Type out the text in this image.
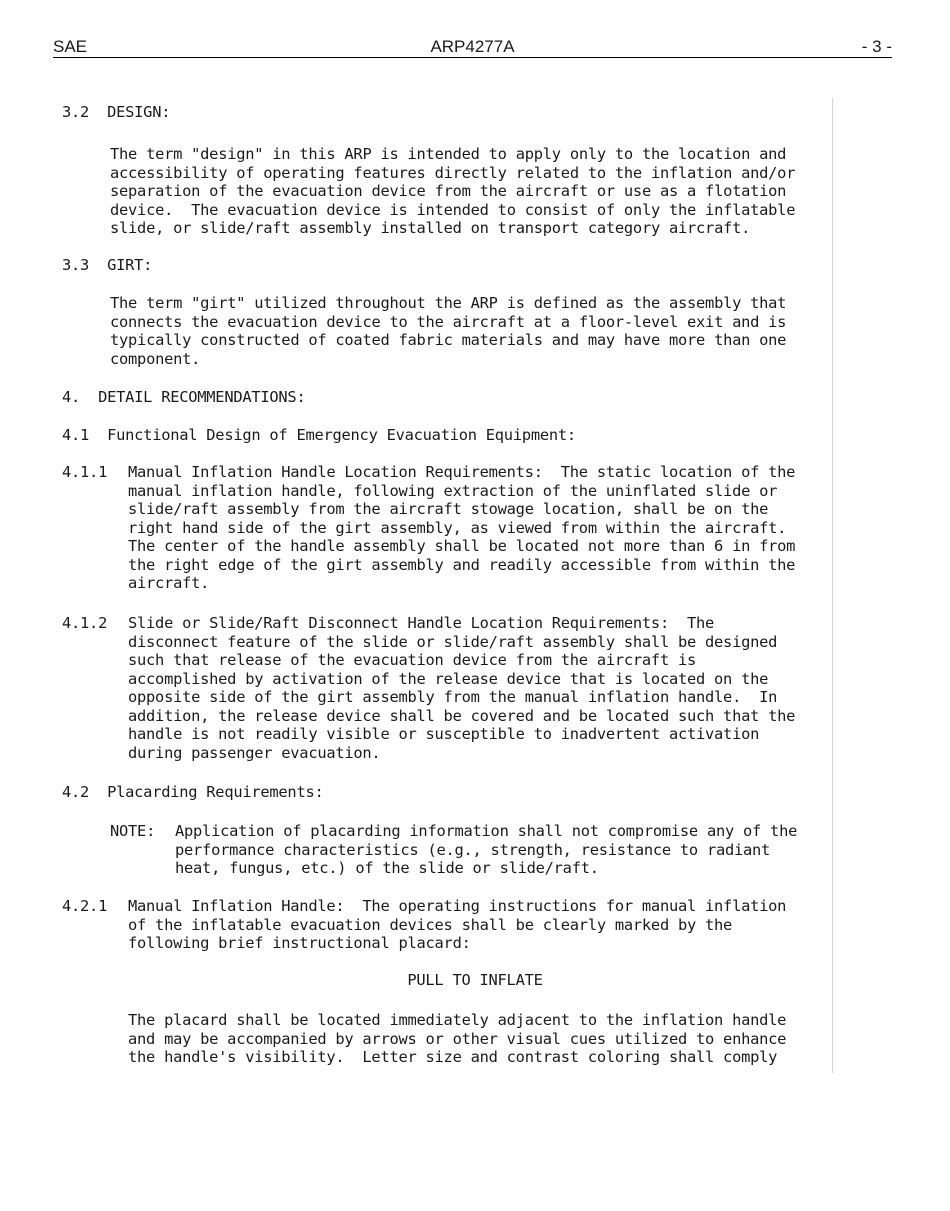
SAE	ARP4277A	- 3 -
3.2 DESIGN:
The term "design" in this ARP is intended to apply only to the location and
accessibility of operating features directly related to the inflation and/or
separation of the evacuation device from the aircraft or use as a flotation
device.  The evacuation device is intended to consist of only the inflatable
slide, or slide/raft assembly installed on transport category aircraft.
3.3 GIRT:
The term "girt" utilized throughout the ARP is defined as the assembly that
connects the evacuation device to the aircraft at a floor-level exit and is
typically constructed of coated fabric materials and may have more than one
component.
4. DETAIL RECOMMENDATIONS:
4.1 Functional Design of Emergency Evacuation Equipment:
4.1.1 Manual Inflation Handle Location Requirements:  The static location of the
manual inflation handle, following extraction of the uninflated slide or
slide/raft assembly from the aircraft stowage location, shall be on the
right hand side of the girt assembly, as viewed from within the aircraft.
The center of the handle assembly shall be located not more than 6 in from
the right edge of the girt assembly and readily accessible from within the
aircraft.
4.1.2 Slide or Slide/Raft Disconnect Handle Location Requirements:  The
disconnect feature of the slide or slide/raft assembly shall be designed
such that release of the evacuation device from the aircraft is
accomplished by activation of the release device that is located on the
opposite side of the girt assembly from the manual inflation handle.  In
addition, the release device shall be covered and be located such that the
handle is not readily visible or susceptible to inadvertent activation
during passenger evacuation.
4.2 Placarding Requirements:
NOTE: Application of placarding information shall not compromise any of the
performance characteristics (e.g., strength, resistance to radiant
heat, fungus, etc.) of the slide or slide/raft.
4.2.1 Manual Inflation Handle:  The operating instructions for manual inflation
of the inflatable evacuation devices shall be clearly marked by the
following brief instructional placard:
PULL TO INFLATE
The placard shall be located immediately adjacent to the inflation handle
and may be accompanied by arrows or other visual cues utilized to enhance
the handle's visibility.  Letter size and contrast coloring shall comply
